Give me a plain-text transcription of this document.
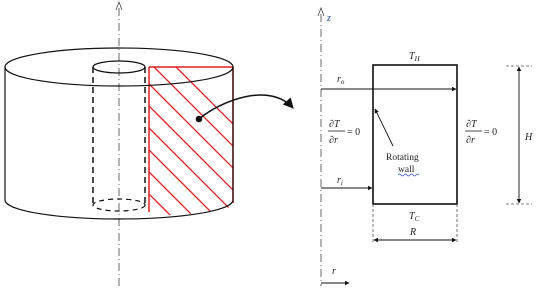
z
r
$T_H$
$T_C$
$r_o$
$r_i$
∂T
∂r
= 0
∂T
∂r
= 0
Rotating
wall
H
R
